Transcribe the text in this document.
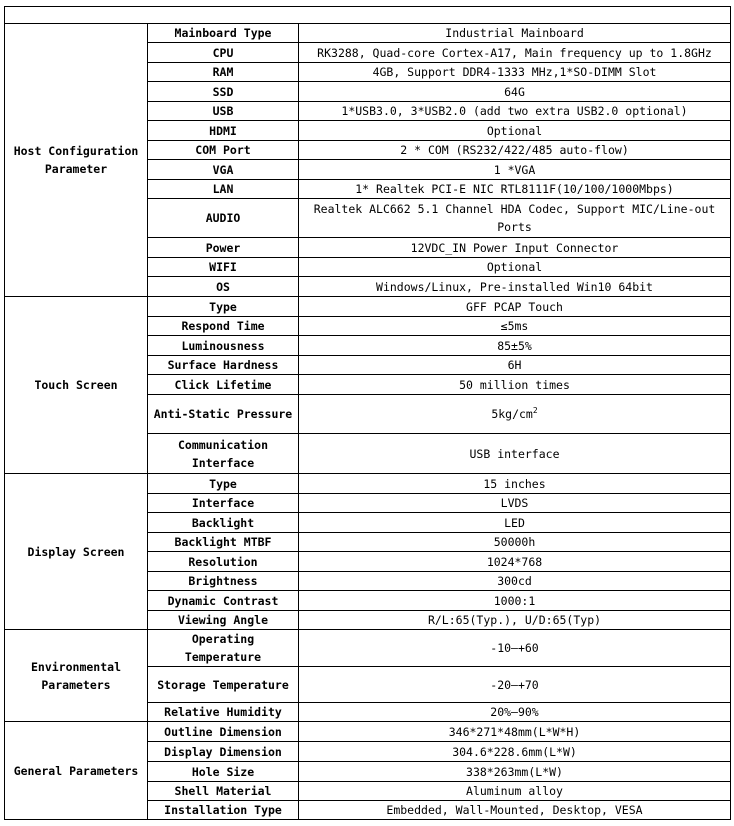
Host Configuration Parameter	Mainboard Type	Industrial Mainboard
	CPU	RK3288, Quad-core Cortex-A17, Main frequency up to 1.8GHz
	RAM	4GB, Support DDR4-1333 MHz,1*SO-DIMM Slot
	SSD	64G
	USB	1*USB3.0, 3*USB2.0 (add two extra USB2.0 optional)
	HDMI	Optional
	COM Port	2 * COM (RS232/422/485 auto-flow)
	VGA	1 *VGA
	LAN	1* Realtek PCI-E NIC RTL8111F(10/100/1000Mbps)
	AUDIO	Realtek ALC662 5.1 Channel HDA Codec, Support MIC/Line-out Ports
	Power	12VDC_IN Power Input Connector
	WIFI	Optional
	OS	Windows/Linux, Pre-installed Win10 64bit
Touch Screen	Type	GFF PCAP Touch
	Respond Time	≤5ms
	Luminousness	85±5%
	Surface Hardness	6H
	Click Lifetime	50 million times
	Anti-Static Pressure	$5kg/cm^2$
	Communication Interface	USB interface
Display Screen	Type	15 inches
	Interface	LVDS
	Backlight	LED
	Backlight MTBF	50000h
	Resolution	1024*768
	Brightness	300cd
	Dynamic Contrast	1000:1
	Viewing Angle	R/L:65(Typ.), U/D:65(Typ)
Environmental Parameters	Operating Temperature	-10—+60
	Storage Temperature	-20—+70
	Relative Humidity	20%—90%
General Parameters	Outline Dimension	346*271*48mm(L*W*H)
	Display Dimension	304.6*228.6mm(L*W)
	Hole Size	338*263mm(L*W)
	Shell Material	Aluminum alloy
	Installation Type	Embedded, Wall-Mounted, Desktop, VESA
